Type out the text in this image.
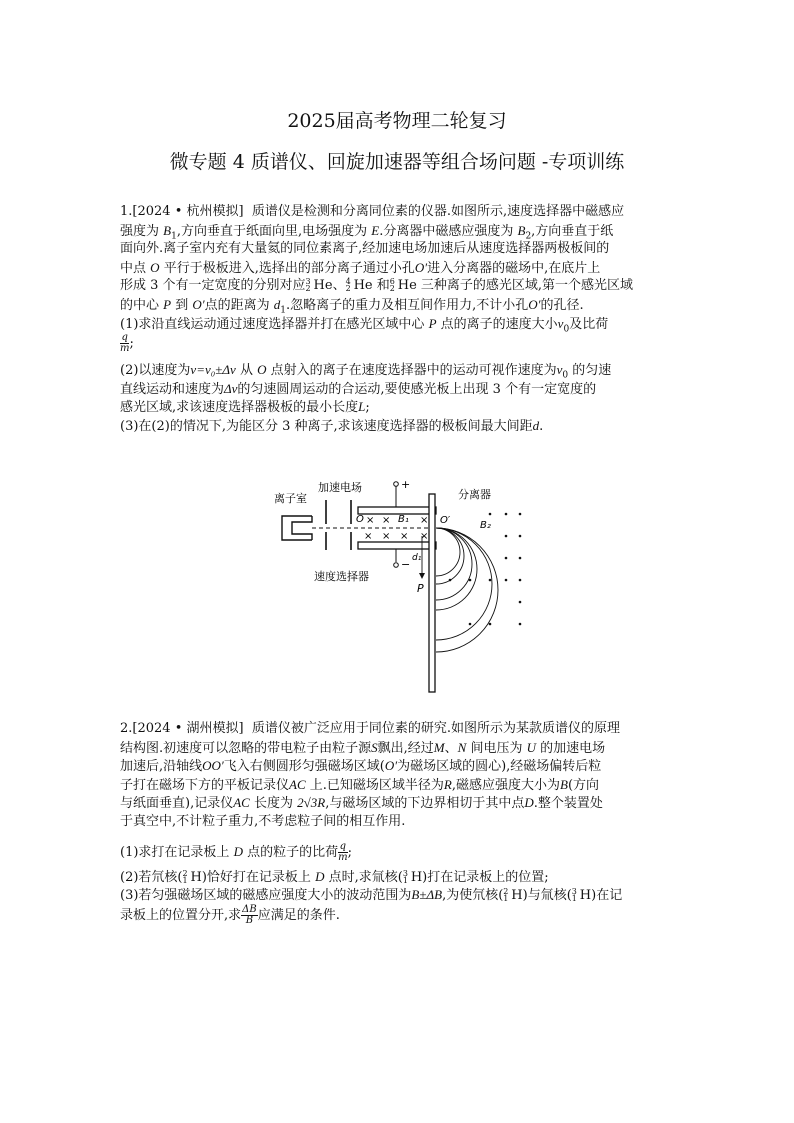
2025届高考物理二轮复习
微专题 4 质谱仪、回旋加速器等组合场问题 -专项训练
1.[2024 • 杭州模拟] 质谱仪是检测和分离同位素的仪器.如图所示,速度选择器中磁感应
强度为 $B_1$,方向垂直于纸面向里,电场强度为 E.分离器中磁感应强度为 $B_2$,方向垂直于纸
面向外.离子室内充有大量氦的同位素离子,经加速电场加速后从速度选择器两极板间的
中点 O 平行于极板进入,选择出的部分离子通过小孔O′进入分离器的磁场中,在底片上
形成 3 个有一定宽度的分别对应 3
2 He、 4
2 He 和 6
2 He 三种离子的感光区域,第一个感光区域
的中心 P 到 O′点的距离为 $d_1$.忽略离子的重力及相互间作用力,不计小孔O′的孔径.
(1)求沿直线运动通过速度选择器并打在感光区域中心 P 点的离子的速度大小$v_0$及比荷
$\frac{q}{m}$ ;
(2)以速度为v=v₀±Δv 从 O 点射入的离子在速度选择器中的运动可视作速度为$v_0$ 的匀速
直线运动和速度为Δv的匀速圆周运动的合运动,要使感光板上出现 3 个有一定宽度的
感光区域,求该速度选择器极板的最小长度L;
(3)在(2)的情况下,为能区分 3 种离子,求该速度选择器的极板间最大间距d.
离子室
加速电场	+
−
× ×	×
× × × ×
O	B₁
分离器
O′	B₂
d₁
P
速度选择器
2.[2024 • 湖州模拟] 质谱仪被广泛应用于同位素的研究.如图所示为某款质谱仪的原理
结构图.初速度可以忽略的带电粒子由粒子源S飘出,经过M、N 间电压为 U 的加速电场
加速后,沿轴线OO′飞入右侧圆形匀强磁场区域(O′为磁场区域的圆心),经磁场偏转后粒
子打在磁场下方的平板记录仪AC 上.已知磁场区域半径为R,磁感应强度大小为B(方向
与纸面垂直),记录仪AC 长度为 2√3R,与磁场区域的下边界相切于其中点D.整个装置处
于真空中,不计粒子重力,不考虑粒子间的相互作用.
(1)求打在记录板上 D 点的粒子的比荷 $\frac{q}{m}$ ;
(2)若氘核( 2
1 H)恰好打在记录板上 D 点时,求氚核( 3
1 H)打在记录板上的位置;
(3)若匀强磁场区域的磁感应强度大小的波动范围为B±ΔB,为使氘核( 2
1 H)与氚核( 3
1 H)在记
录板上的位置分开,求 $\frac{\Delta B}{B}$ 应满足的条件.
